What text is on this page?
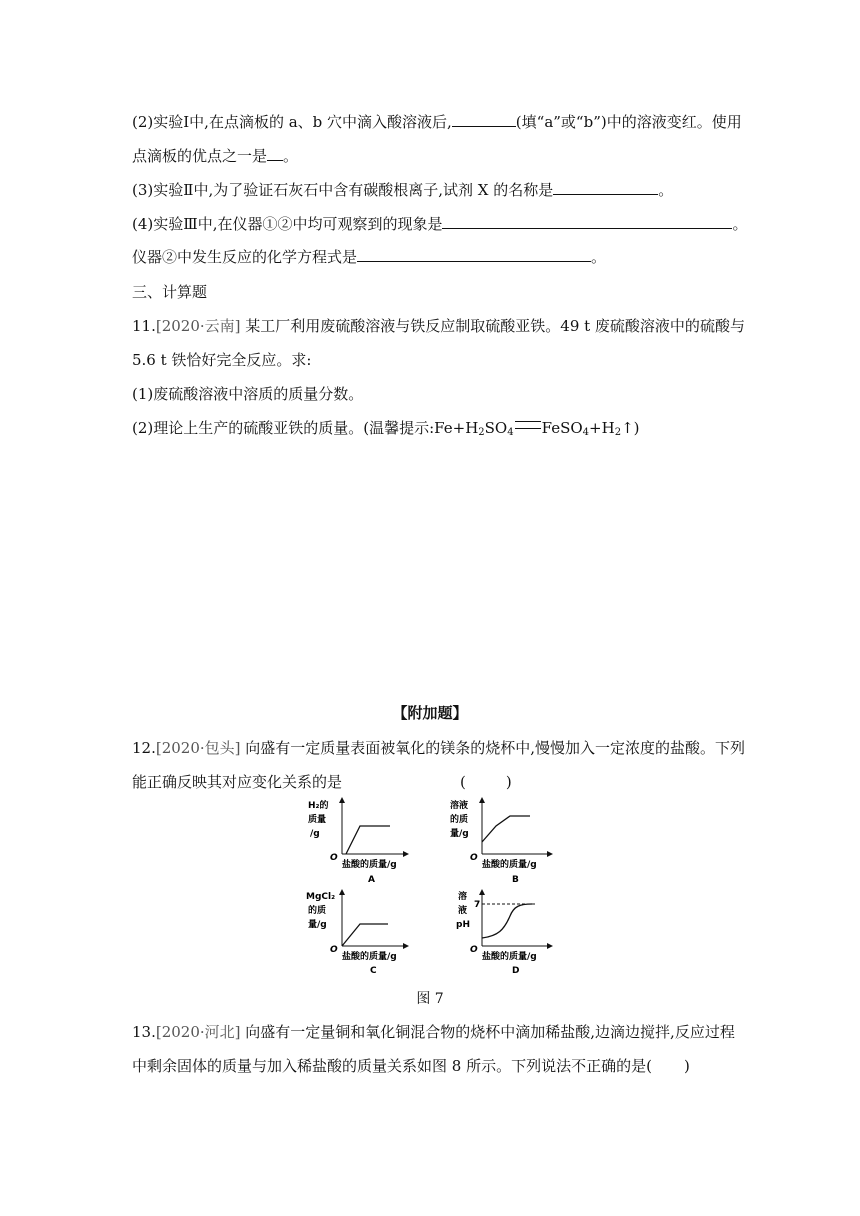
(2)实验Ⅰ中,在点滴板的 a、b 穴中滴入酸溶液后,	(填“a”或“b”)中的溶液变红。使用
点滴板的优点之一是 。
(3)实验Ⅱ中,为了验证石灰石中含有碳酸根离子,试剂 X 的名称是	。
(4)实验Ⅲ中,在仪器①②中均可观察到的现象是	。
仪器②中发生反应的化学方程式是	。
三、计算题
11.[2020·云南] 某工厂利用废硫酸溶液与铁反应制取硫酸亚铁。49 t 废硫酸溶液中的硫酸与
5.6 t 铁恰好完全反应。求:
(1)废硫酸溶液中溶质的质量分数。
(2)理论上生产的硫酸亚铁的质量。(温馨提示$:Fe+H_2SO_4$ $FeSO_4+H_2↑$)
【附加题】
12.[2020·包头] 向盛有一定质量表面被氧化的镁条的烧杯中,慢慢加入一定浓度的盐酸。下列
能正确反映其对应变化关系的是	(	)
H₂的
质量
/g
O
盐酸的质量/g
A
溶液
的质
量/g
O
盐酸的质量/g
B
MgCl₂
的质
量/g
O
盐酸的质量/g
C
溶
液
pH
7
O
盐酸的质量/g
D
图 7
13.[2020·河北] 向盛有一定量铜和氧化铜混合物的烧杯中滴加稀盐酸,边滴边搅拌,反应过程
中剩余固体的质量与加入稀盐酸的质量关系如图 8 所示。下列说法不正确的是( )
